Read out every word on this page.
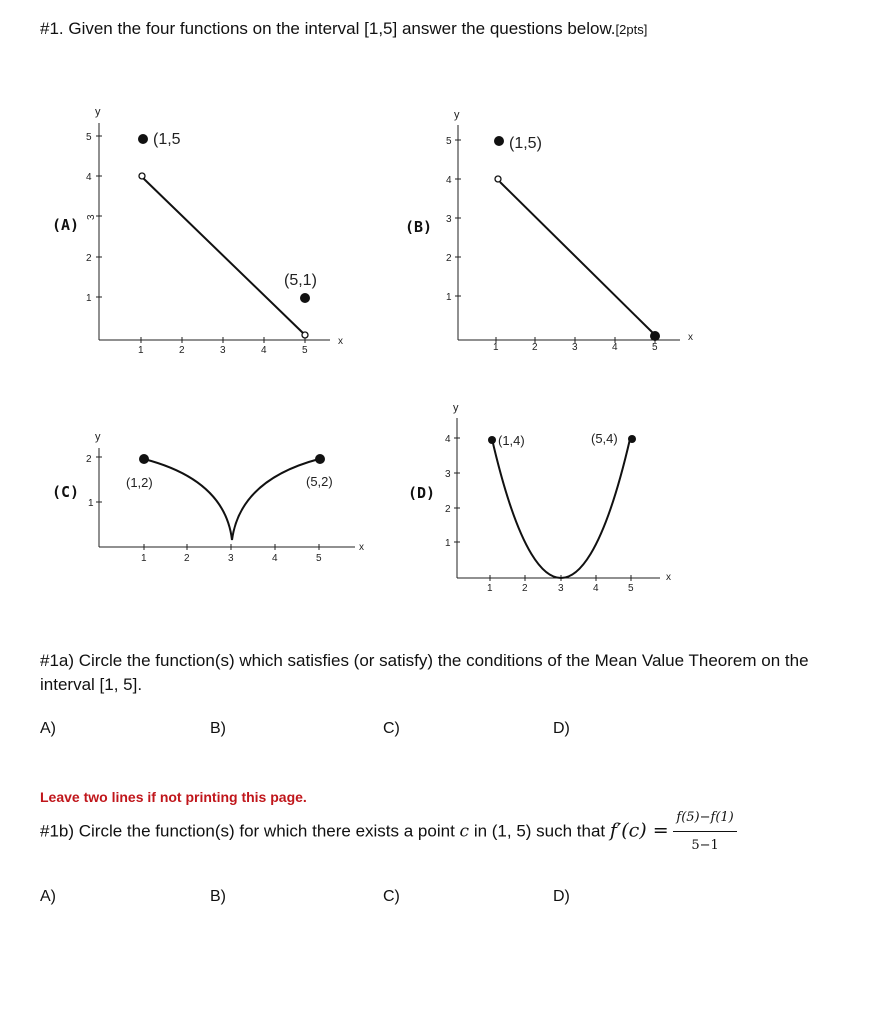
#1. Given the four functions on the interval [1,5] answer the questions below.[2pts]
(A)	(B)
(C)	(D)
y
x
5
4
3
2
1
1	2	3	4	5
(1,5
(5,1)
y
x
5
4
3
2
1
1	2	3	4	5
(1,5)
y
x
2
1
1	2	3	4	5
(1,2)	(5,2)
y
x
4
3
2
1
1	2	3	4	5
(1,4)	(5,4)
#1a) Circle the function(s) which satisfies (or satisfy) the conditions of the Mean Value Theorem on the interval [1, 5].
A)	B)	C)	D)
Leave two lines if not printing this page.
#1b) Circle the function(s) for which there exists a point c in (1, 5) such that $f'(c) = \frac{f(5)-f(1)}{5-1}$
A)	B)	C)	D)
